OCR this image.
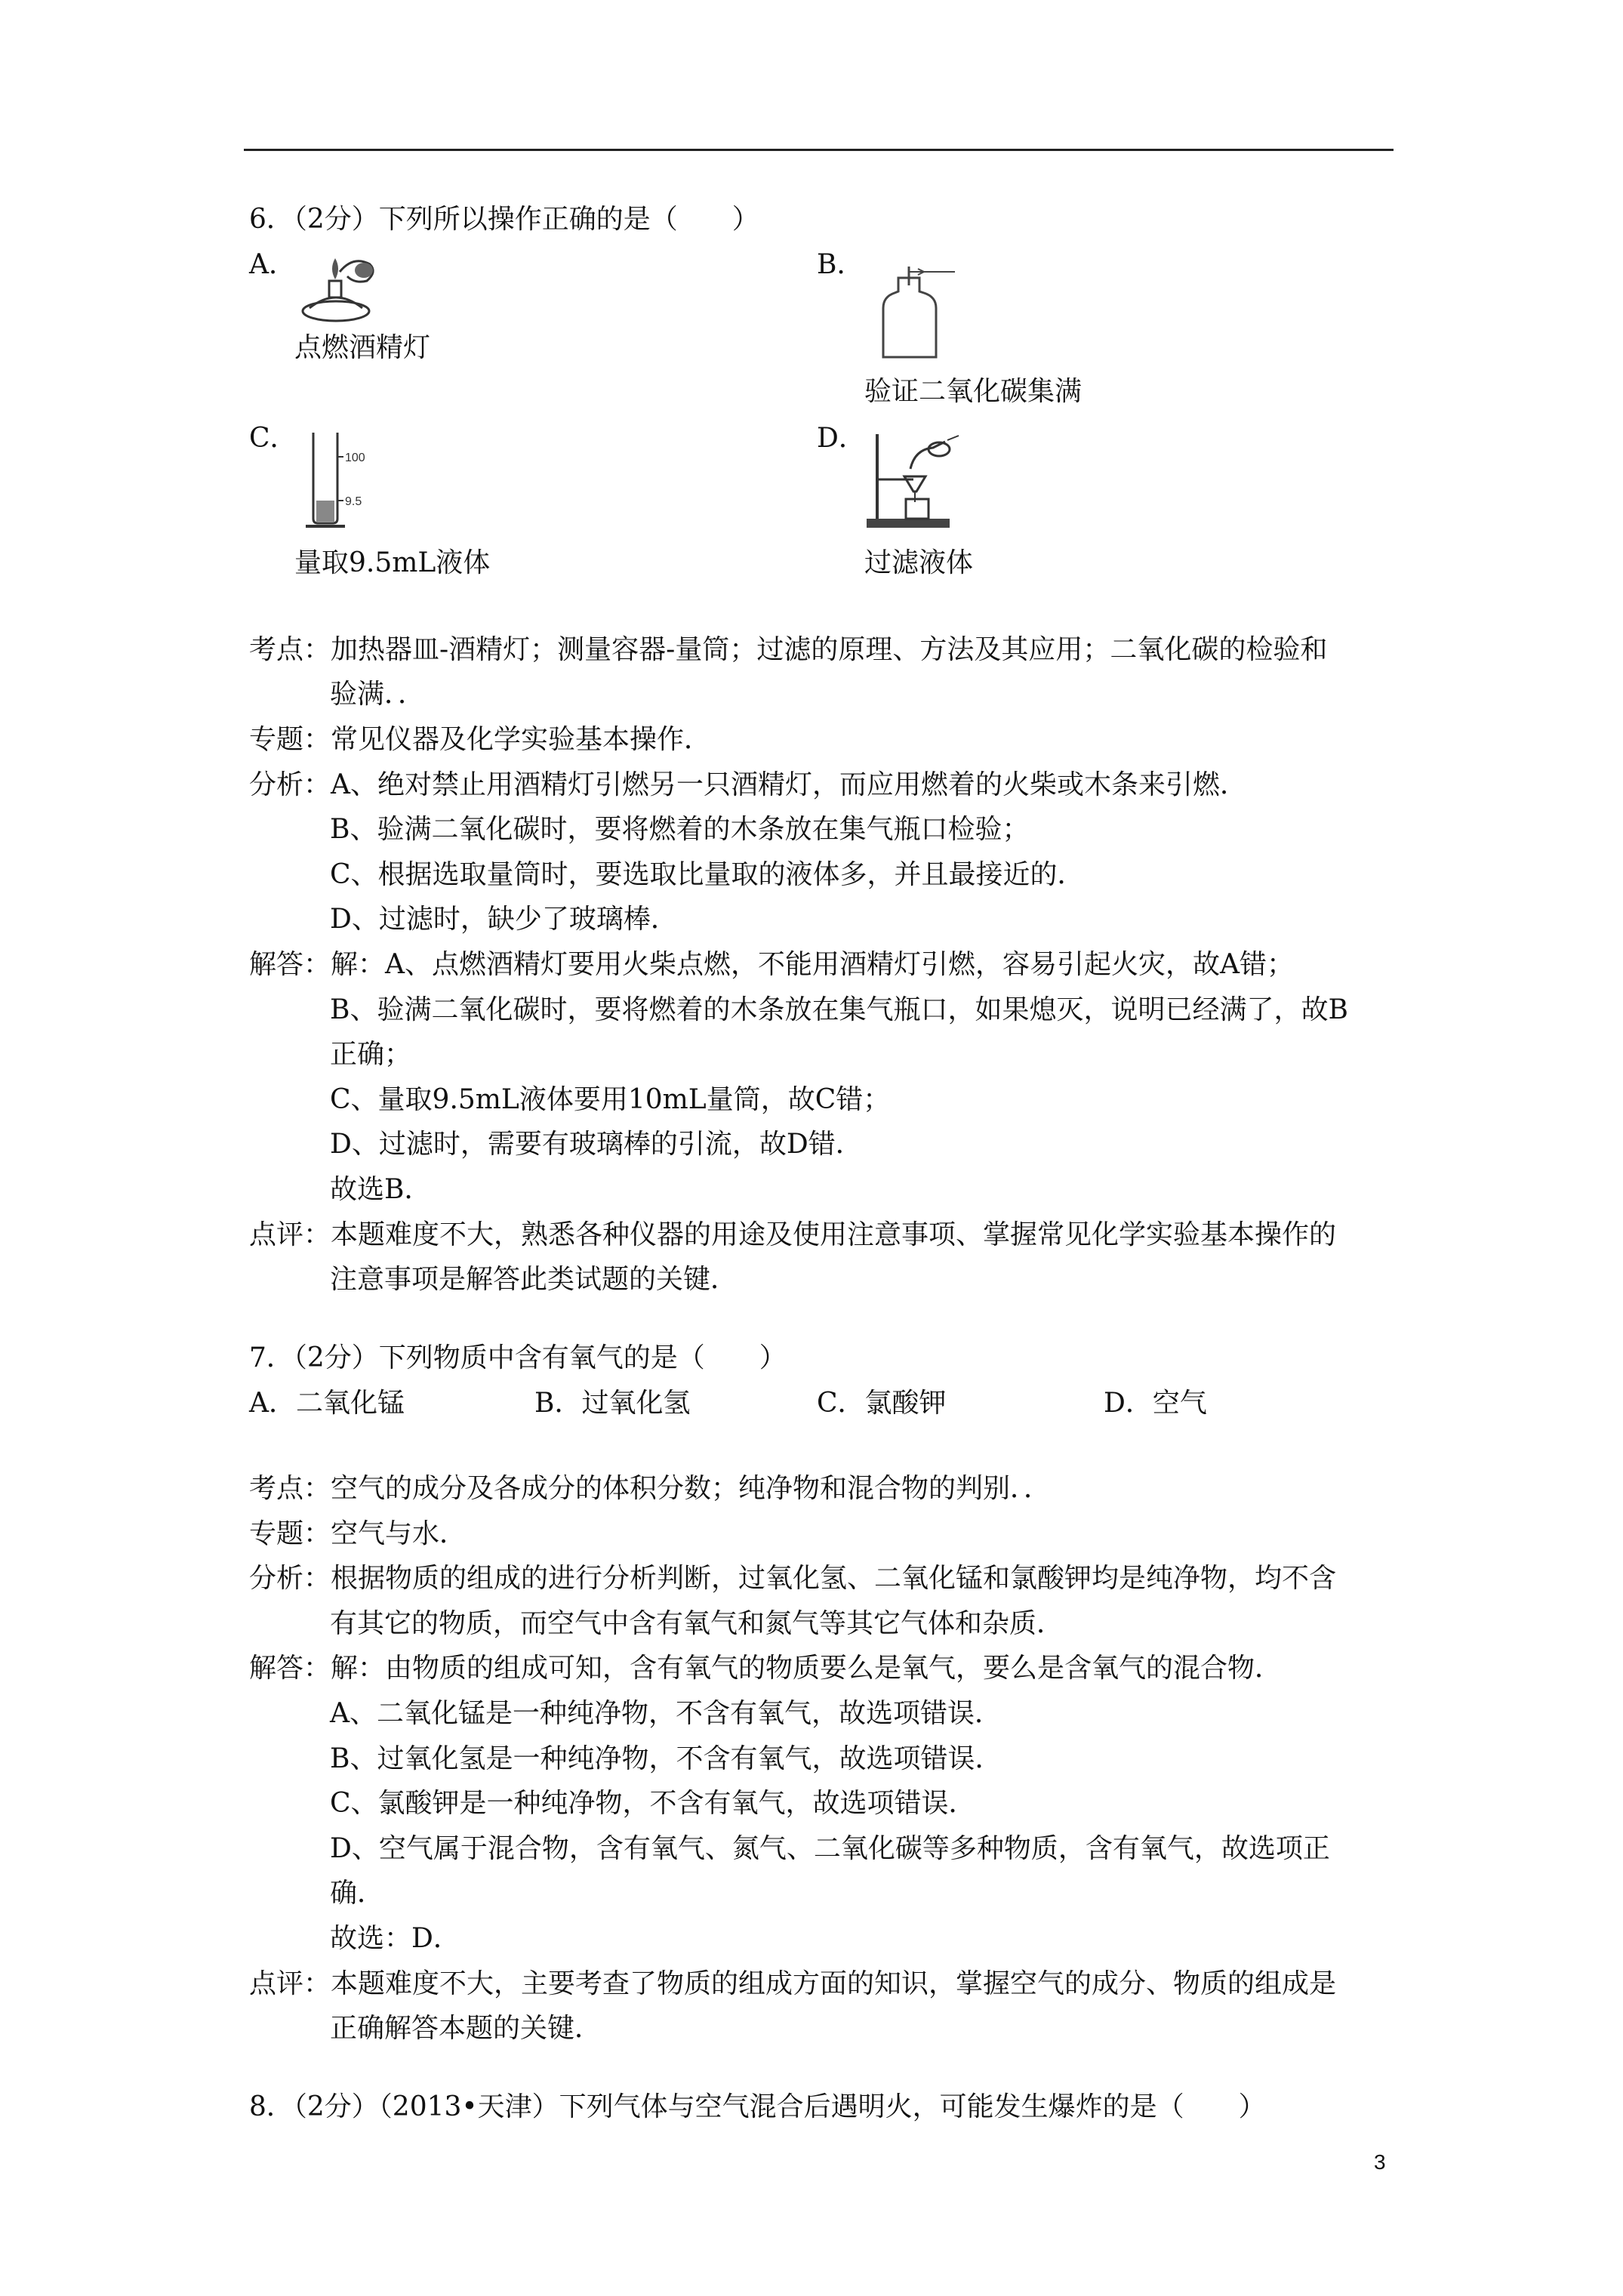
6．（2分）下列所以操作正确的是（　　）
A．
点燃酒精灯
B．
验证二氧化碳集满
C．
100
9.5
量取9.5mL液体
D．
过滤液体
考点：加热器皿-酒精灯；测量容器-量筒；过滤的原理、方法及其应用；二氧化碳的检验和
验满．．
专题：常见仪器及化学实验基本操作．
分析：A、绝对禁止用酒精灯引燃另一只酒精灯，而应用燃着的火柴或木条来引燃．
B、验满二氧化碳时，要将燃着的木条放在集气瓶口检验；
C、根据选取量筒时，要选取比量取的液体多，并且最接近的．
D、过滤时，缺少了玻璃棒．
解答：解：A、点燃酒精灯要用火柴点燃，不能用酒精灯引燃，容易引起火灾，故A错；
B、验满二氧化碳时，要将燃着的木条放在集气瓶口，如果熄灭，说明已经满了，故B
正确；
C、量取9.5mL液体要用10mL量筒，故C错；
D、过滤时，需要有玻璃棒的引流，故D错．
故选B．
点评：本题难度不大，熟悉各种仪器的用途及使用注意事项、掌握常见化学实验基本操作的
注意事项是解答此类试题的关键．
7．（2分）下列物质中含有氧气的是（　　）
A．二氧化锰	B．过氧化氢	C．氯酸钾	D．空气
考点：空气的成分及各成分的体积分数；纯净物和混合物的判别．．
专题：空气与水．
分析：根据物质的组成的进行分析判断，过氧化氢、二氧化锰和氯酸钾均是纯净物，均不含
有其它的物质，而空气中含有氧气和氮气等其它气体和杂质．
解答：解：由物质的组成可知，含有氧气的物质要么是氧气，要么是含氧气的混合物．
A、二氧化锰是一种纯净物，不含有氧气，故选项错误．
B、过氧化氢是一种纯净物，不含有氧气，故选项错误．
C、氯酸钾是一种纯净物，不含有氧气，故选项错误．
D、空气属于混合物，含有氧气、氮气、二氧化碳等多种物质，含有氧气，故选项正
确．
故选：D．
点评：本题难度不大，主要考查了物质的组成方面的知识，掌握空气的成分、物质的组成是
正确解答本题的关键．
8．（2分）（2013•天津）下列气体与空气混合后遇明火，可能发生爆炸的是（　　）
3
